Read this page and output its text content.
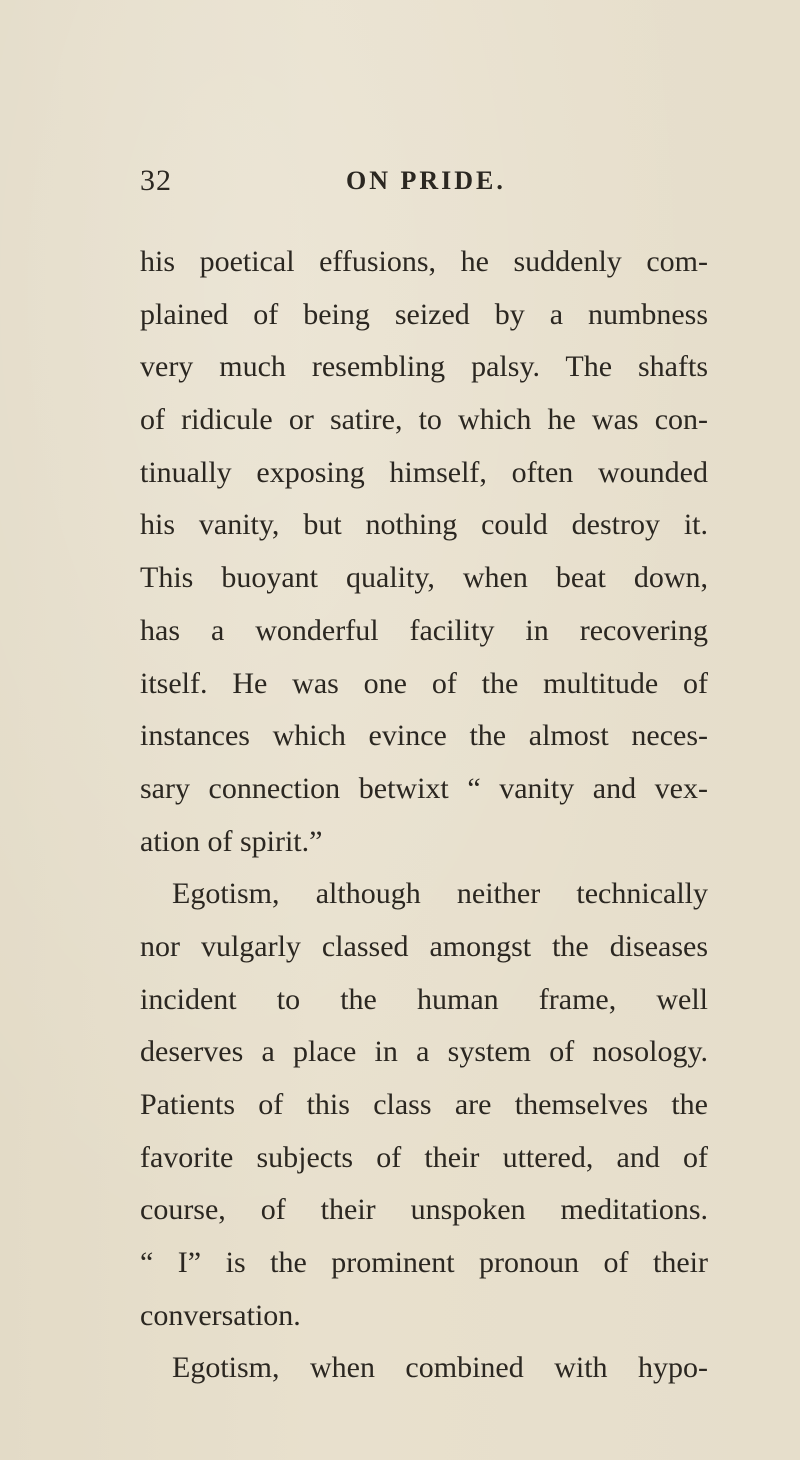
32	ON PRIDE.
his poetical effusions, he suddenly com-
plained of being seized by a numbness
very much resembling palsy. The shafts
of ridicule or satire, to which he was con-
tinually exposing himself, often wounded
his vanity, but nothing could destroy it.
This buoyant quality, when beat down,
has a wonderful facility in recovering
itself. He was one of the multitude of
instances which evince the almost neces-
sary connection betwixt “ vanity and vex-
ation of spirit.”
Egotism, although neither technically
nor vulgarly classed amongst the diseases
incident to the human frame, well
deserves a place in a system of nosology.
Patients of this class are themselves the
favorite subjects of their uttered, and of
course, of their unspoken meditations.
“ I” is the prominent pronoun of their
conversation.
Egotism, when combined with hypo-
